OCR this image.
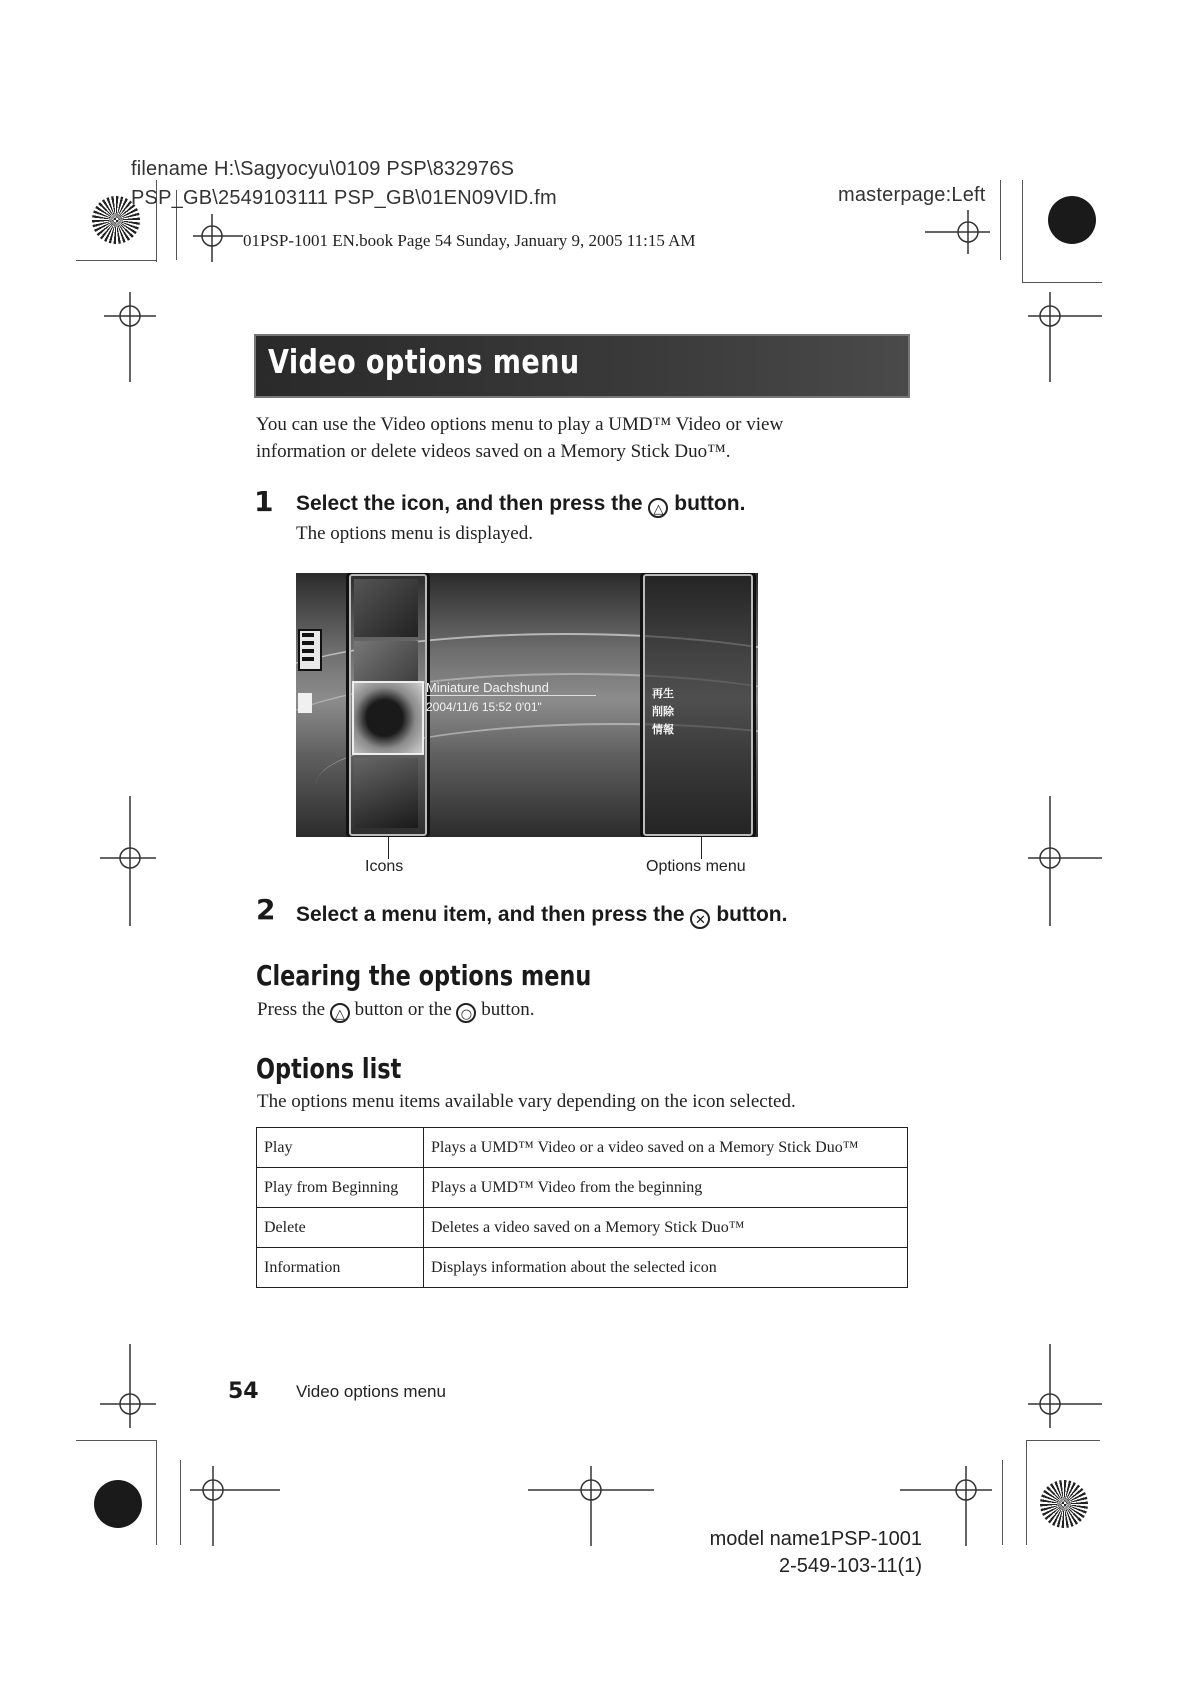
filename H:\Sagyocyu\0109 PSP\832976S
PSP_GB\2549103111 PSP_GB\01EN09VID.fm	masterpage:Left
01PSP-1001 EN.book Page 54 Sunday, January 9, 2005 11:15 AM
Video options menu
You can use the Video options menu to play a UMD™ Video or view information or delete videos saved on a Memory Stick Duo™.
1 Select the icon, and then press the △ button.
The options menu is displayed.
Miniature Dachshund
2004/11/6 15:52 0'01"
再生
削除
情報
Icons	Options menu
2 Select a menu item, and then press the ✕ button.
Clearing the options menu
Press the △ button or the ○ button.
Options list
The options menu items available vary depending on the icon selected.
Play	Plays a UMD™ Video or a video saved on a Memory Stick Duo™
Play from Beginning	Plays a UMD™ Video from the beginning
Delete	Deletes a video saved on a Memory Stick Duo™
Information	Displays information about the selected icon
54 Video options menu
model name1PSP-1001
2-549-103-11(1)
